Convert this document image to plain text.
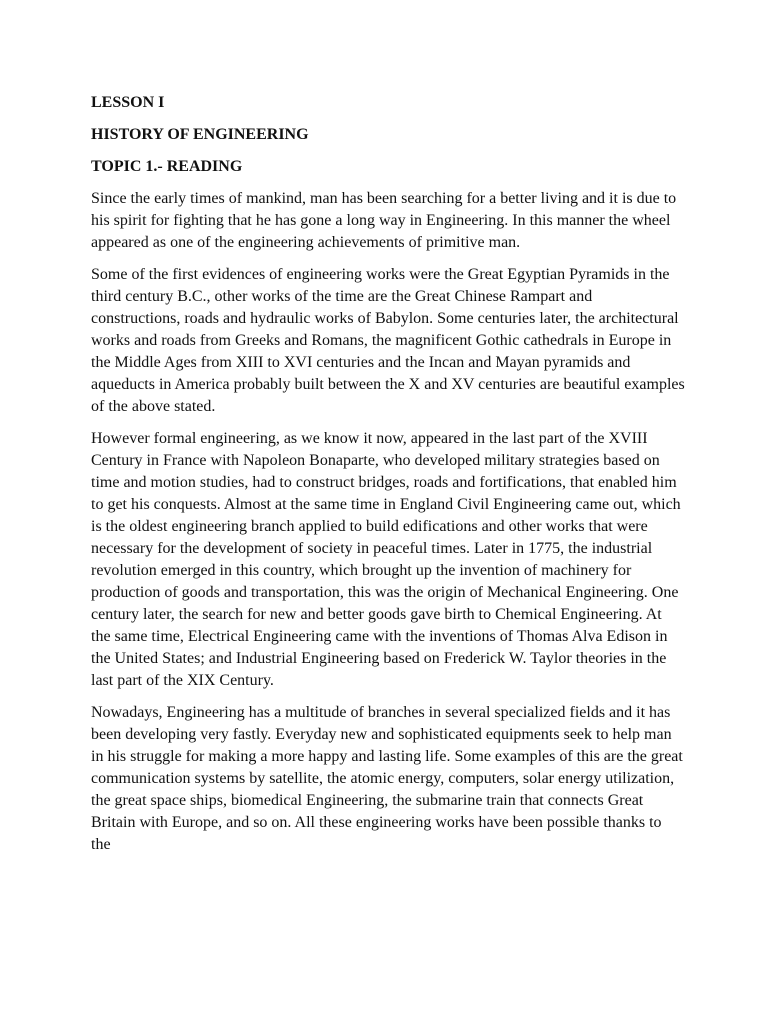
LESSON I
HISTORY OF ENGINEERING
TOPIC 1.- READING

Since the early times of mankind, man has been searching for a better living and it is due to his spirit for fighting that he has gone a long way in Engineering. In this manner the wheel appeared as one of the engineering achievements of primitive man.

Some of the first evidences of engineering works were the Great Egyptian Pyramids in the third century B.C., other works of the time are the Great Chinese Rampart and constructions, roads and hydraulic works of Babylon. Some centuries later, the architectural works and roads from Greeks and Romans, the magnificent Gothic cathedrals in Europe in the Middle Ages from XIII to XVI centuries and the Incan and Mayan pyramids and aqueducts in America probably built between the X and XV centuries are beautiful examples of the above stated.

However formal engineering, as we know it now, appeared in the last part of the XVIII Century in France with Napoleon Bonaparte, who developed military strategies based on time and motion studies, had to construct bridges, roads and fortifications, that enabled him to get his conquests. Almost at the same time in England Civil Engineering came out, which is the oldest engineering branch applied to build edifications and other works that were necessary for the development of society in peaceful times. Later in 1775, the industrial revolution emerged in this country, which brought up the invention of machinery for production of goods and transportation, this was the origin of Mechanical Engineering. One century later, the search for new and better goods gave birth to Chemical Engineering. At the same time, Electrical Engineering came with the inventions of Thomas Alva Edison in the United States; and Industrial Engineering based on Frederick W. Taylor theories in the last part of the XIX Century.

Nowadays, Engineering has a multitude of branches in several specialized fields and it has been developing very fastly. Everyday new and sophisticated equipments seek to help man in his struggle for making a more happy and lasting life. Some examples of this are the great communication systems by satellite, the atomic energy, computers, solar energy utilization, the great space ships, biomedical Engineering, the submarine train that connects Great Britain with Europe, and so on. All these engineering works have been possible thanks to the
